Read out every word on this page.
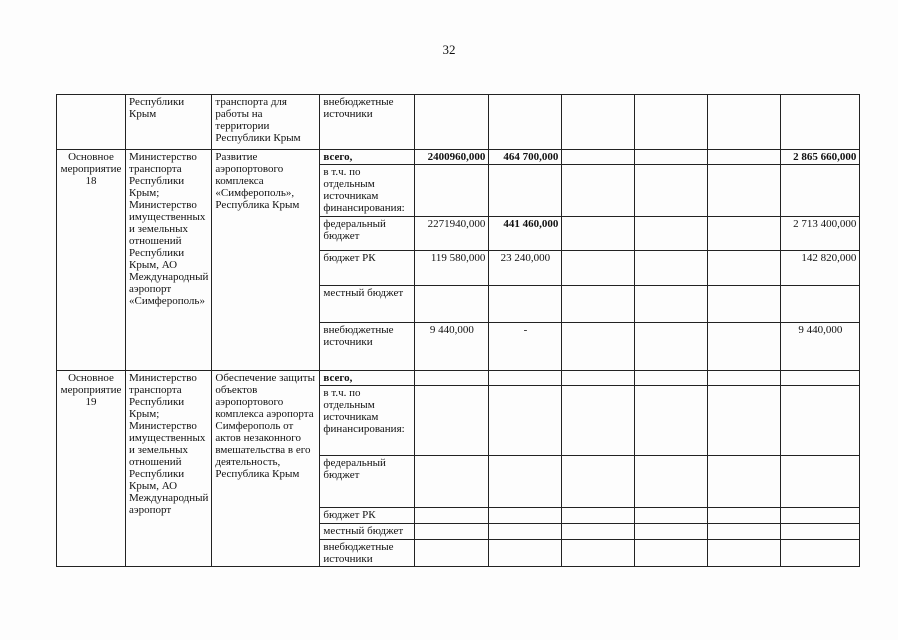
32
	Республики Крым	транспорта для работы на территории Республики Крым	внебюджетные источники						
Основное мероприятие 18	Министерство транспорта Республики Крым; Министерство имущественных и земельных отношений Республики Крым, АО Международный аэропорт «Симферополь»	Развитие аэропортового комплекса «Симферополь», Республика Крым	всего,	2400960,000	464 700,000				2 865 660,000
			в т.ч. по отдельным источникам финансирования:						
			федеральный бюджет	2271940,000	441 460,000				2 713 400,000
			бюджет РК	119 580,000	23 240,000				142 820,000
			местный бюджет						
			внебюджетные источники	9 440,000	-				9 440,000
Основное мероприятие 19	Министерство транспорта Республики Крым; Министерство имущественных и земельных отношений Республики Крым, АО Международный аэропорт	Обеспечение защиты объектов аэропортового комплекса аэропорта Симферополь от актов незаконного вмешательства в его деятельность, Республика Крым	всего,						
			в т.ч. по отдельным источникам финансирования:						
			федеральный бюджет						
			бюджет РК						
			местный бюджет						
			внебюджетные источники						
